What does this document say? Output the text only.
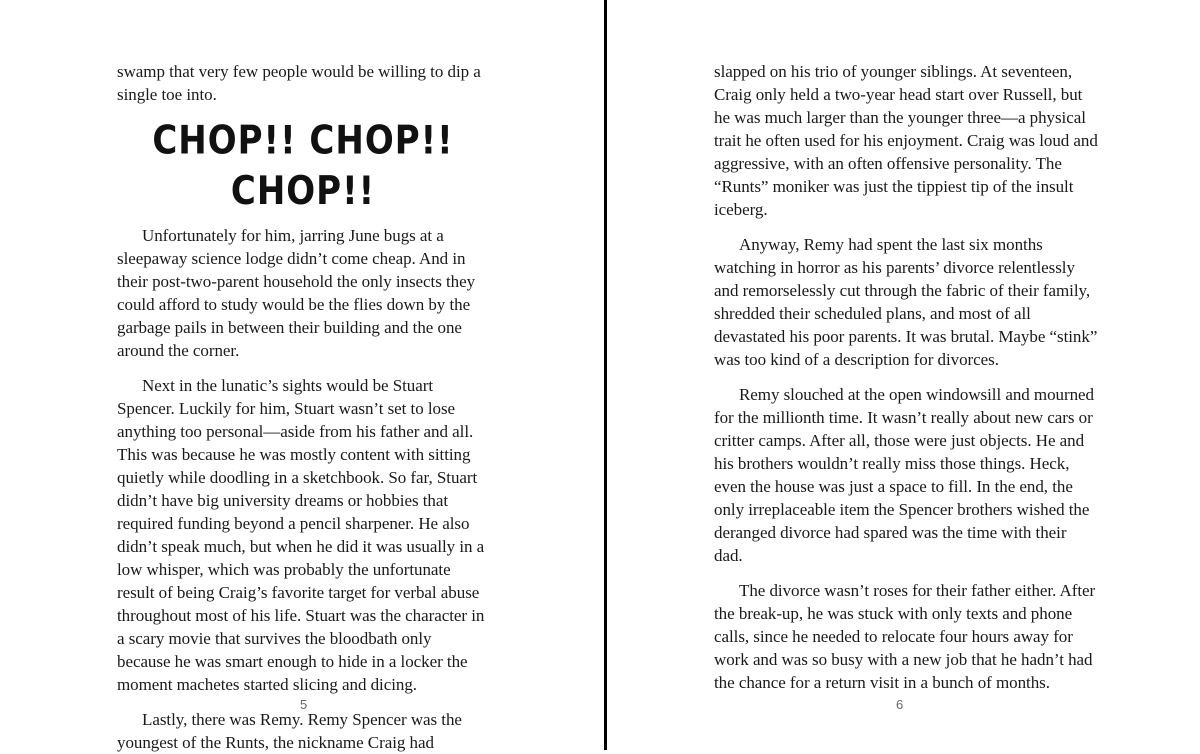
swamp that very few people would be willing to dip a single toe into.

CHOP!! CHOP!! CHOP!!

Unfortunately for him, jarring June bugs at a sleepaway science lodge didn’t come cheap. And in their post-two-parent household the only insects they could afford to study would be the flies down by the garbage pails in between their building and the one around the corner.

Next in the lunatic’s sights would be Stuart Spencer. Luckily for him, Stuart wasn’t set to lose anything too personal—aside from his father and all. This was because he was mostly content with sitting quietly while doodling in a sketchbook. So far, Stuart didn’t have big university dreams or hobbies that required funding beyond a pencil sharpener. He also didn’t speak much, but when he did it was usually in a low whisper, which was probably the unfortunate result of being Craig’s favorite target for verbal abuse throughout most of his life. Stuart was the character in a scary movie that survives the bloodbath only because he was smart enough to hide in a locker the moment machetes started slicing and dicing.

Lastly, there was Remy. Remy Spencer was the youngest of the Runts, the nickname Craig had

5

slapped on his trio of younger siblings. At seventeen, Craig only held a two-year head start over Russell, but he was much larger than the younger three—a physical trait he often used for his enjoyment. Craig was loud and aggressive, with an often offensive personality. The “Runts” moniker was just the tippiest tip of the insult iceberg.

Anyway, Remy had spent the last six months watching in horror as his parents’ divorce relentlessly and remorselessly cut through the fabric of their family, shredded their scheduled plans, and most of all devastated his poor parents. It was brutal. Maybe “stink” was too kind of a description for divorces.

Remy slouched at the open windowsill and mourned for the millionth time. It wasn’t really about new cars or critter camps. After all, those were just objects. He and his brothers wouldn’t really miss those things. Heck, even the house was just a space to fill. In the end, the only irreplaceable item the Spencer brothers wished the deranged divorce had spared was the time with their dad.

The divorce wasn’t roses for their father either. After the break-up, he was stuck with only texts and phone calls, since he needed to relocate four hours away for work and was so busy with a new job that he hadn’t had the chance for a return visit in a bunch of months.

6
